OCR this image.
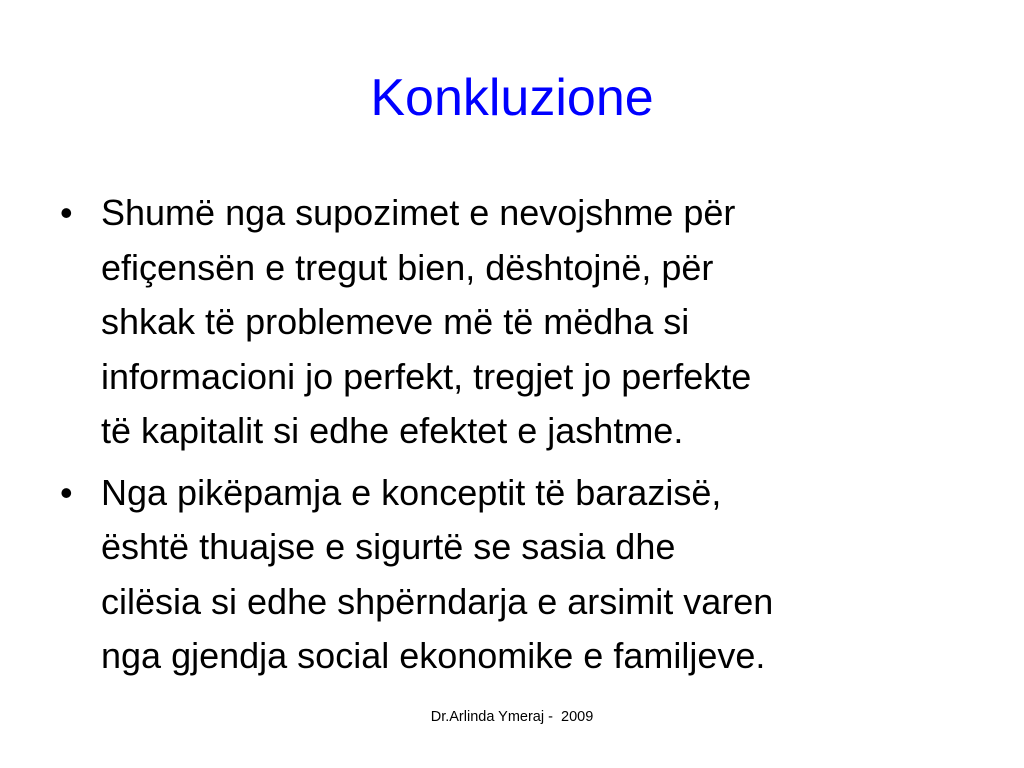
Konkluzione
• Shumë nga supozimet e nevojshme për
efiçensën e tregut bien, dështojnë, për
shkak të problemeve më të mëdha si
informacioni jo perfekt, tregjet jo perfekte
të kapitalit si edhe efektet e jashtme.
• Nga pikëpamja e konceptit të barazisë,
është thuajse e sigurtë se sasia dhe
cilësia si edhe shpërndarja e arsimit varen
nga gjendja social ekonomike e familjeve.
Dr.Arlinda Ymeraj -  2009
